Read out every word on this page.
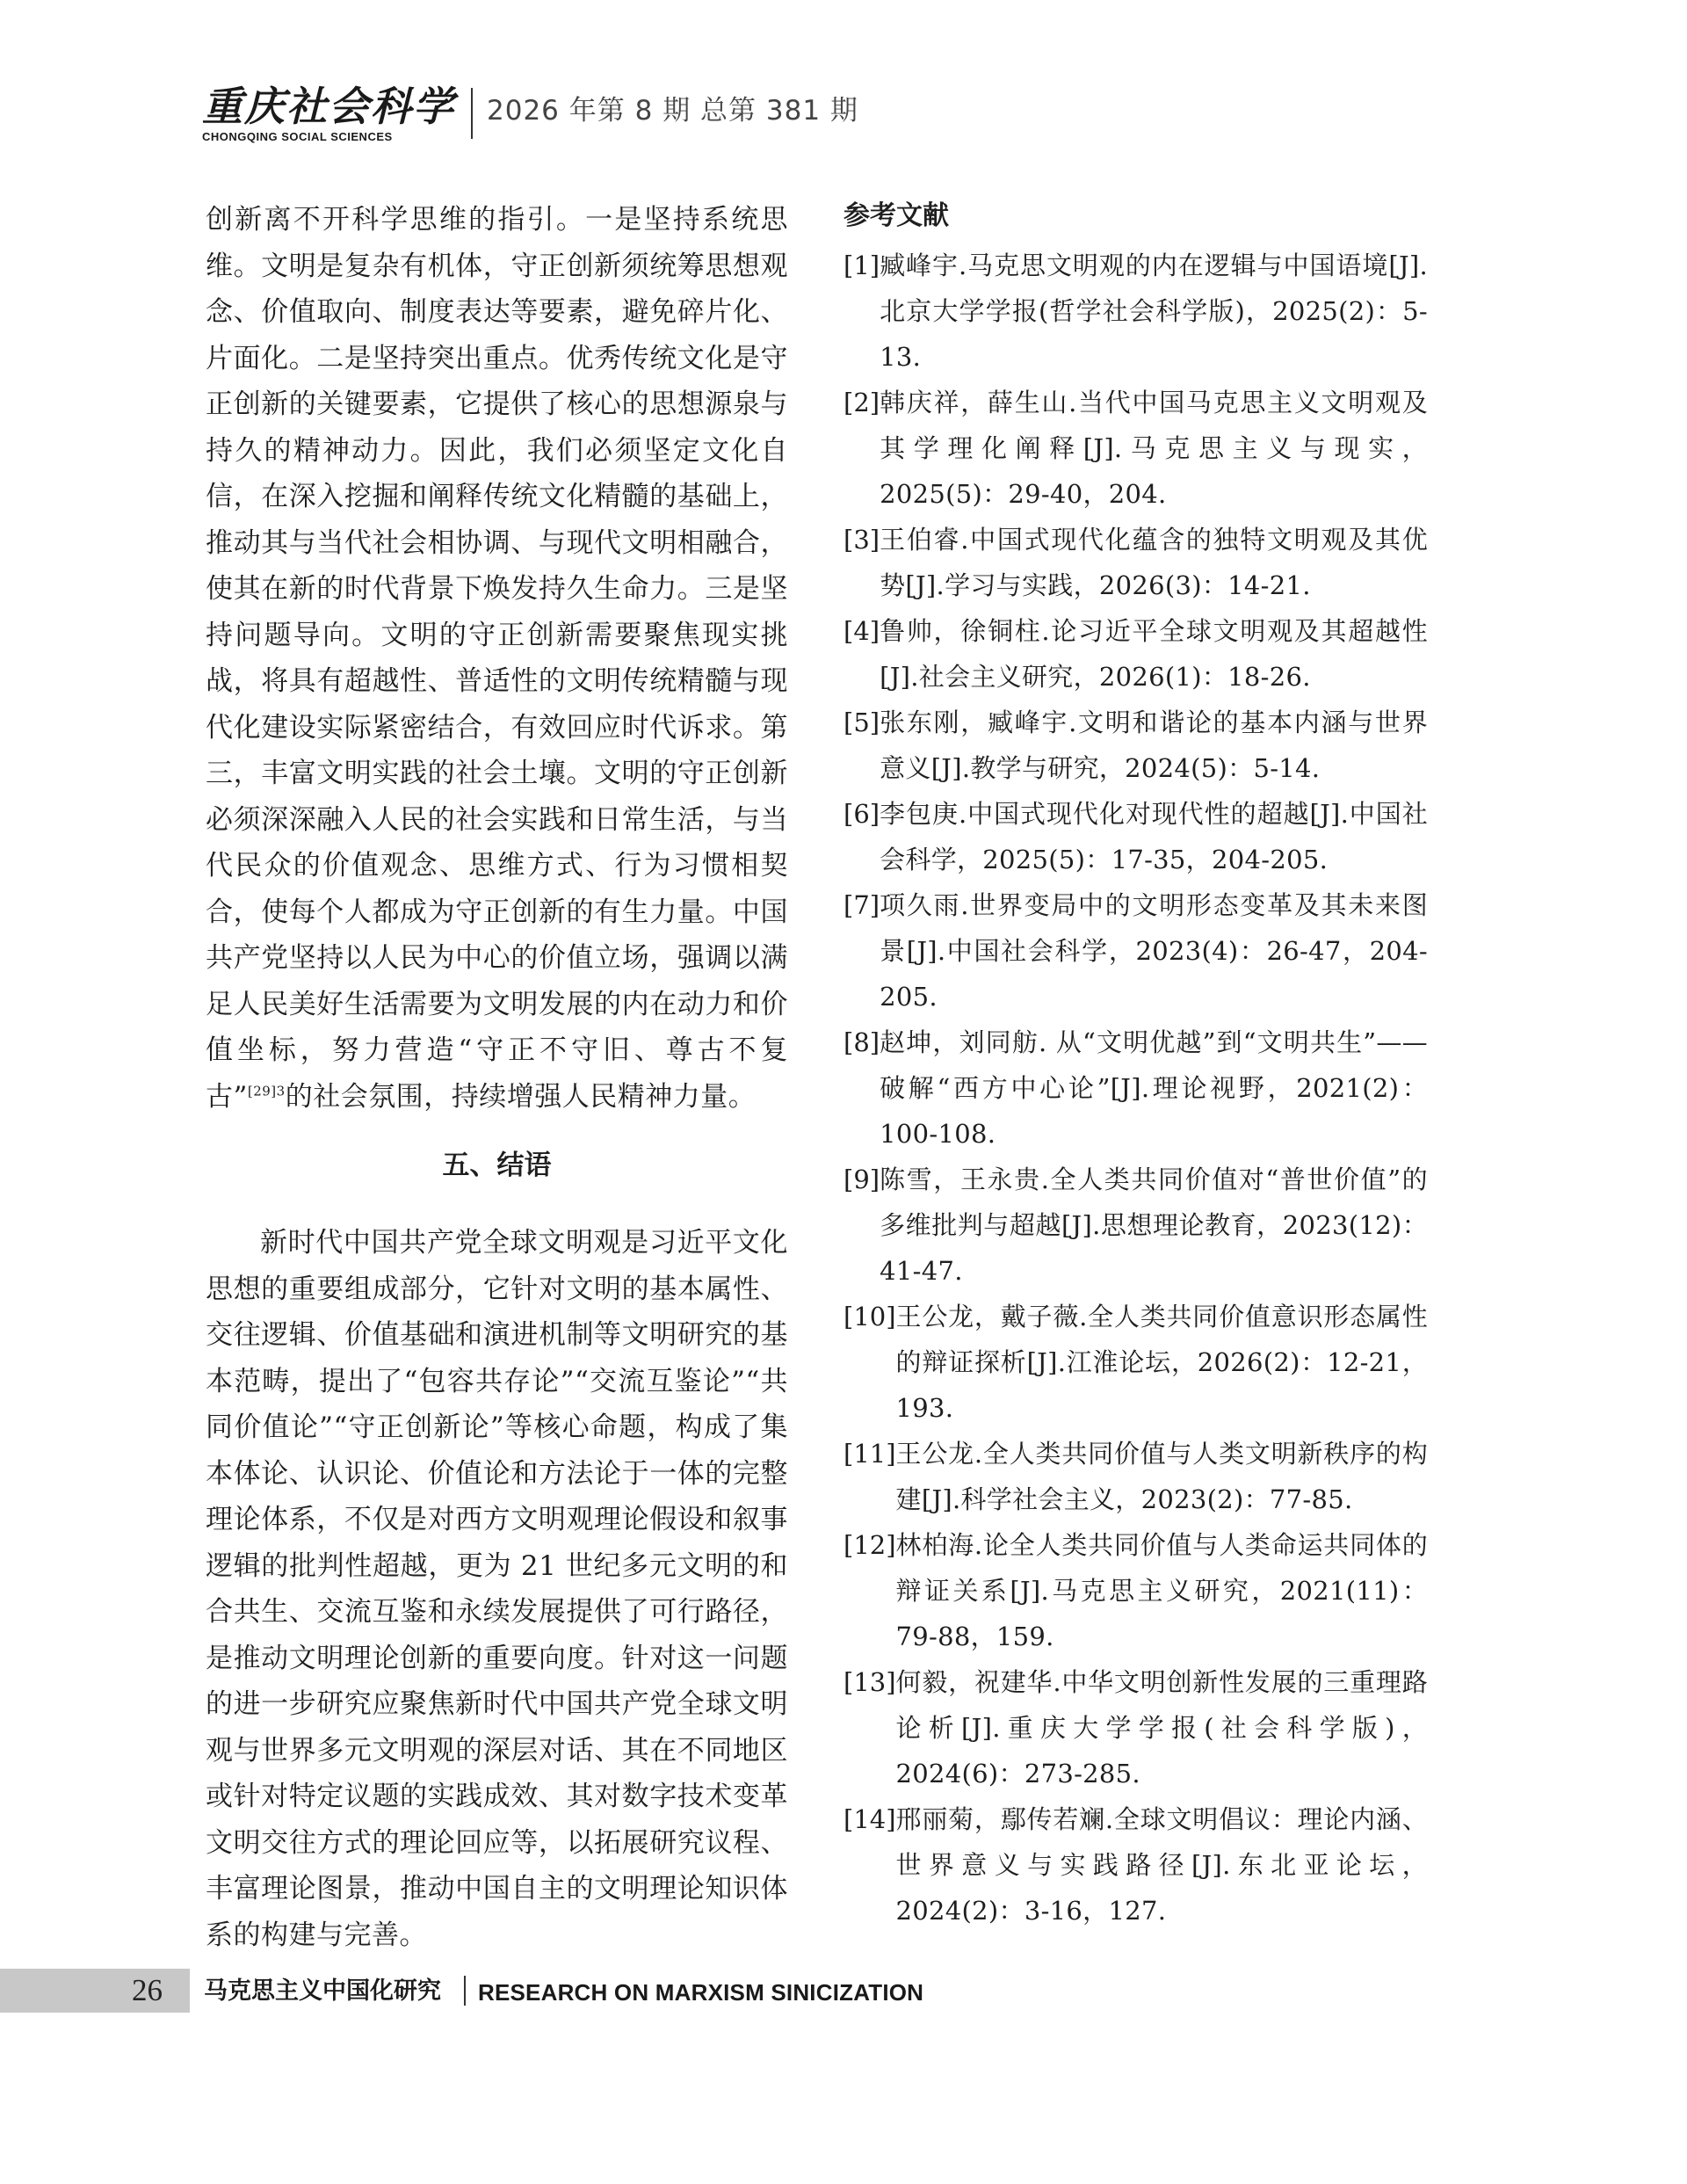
重庆社会科学
CHONGQING SOCIAL SCIENCES
2026 年第 8 期 总第 381 期

创新离不开科学思维的指引。一是坚持系统思维。文明是复杂有机体，守正创新须统筹思想观念、价值取向、制度表达等要素，避免碎片化、片面化。二是坚持突出重点。优秀传统文化是守正创新的关键要素，它提供了核心的思想源泉与持久的精神动力。因此，我们必须坚定文化自信，在深入挖掘和阐释传统文化精髓的基础上，推动其与当代社会相协调、与现代文明相融合，使其在新的时代背景下焕发持久生命力。三是坚持问题导向。文明的守正创新需要聚焦现实挑战，将具有超越性、普适性的文明传统精髓与现代化建设实际紧密结合，有效回应时代诉求。第三，丰富文明实践的社会土壤。文明的守正创新必须深深融入人民的社会实践和日常生活，与当代民众的价值观念、思维方式、行为习惯相契合，使每个人都成为守正创新的有生力量。中国共产党坚持以人民为中心的价值立场，强调以满足人民美好生活需要为文明发展的内在动力和价值坐标，努力营造“守正不守旧、尊古不复古”$^{[29]3}$的社会氛围，持续增强人民精神力量。

五、结语

新时代中国共产党全球文明观是习近平文化思想的重要组成部分，它针对文明的基本属性、交往逻辑、价值基础和演进机制等文明研究的基本范畴，提出了“包容共存论”“交流互鉴论”“共同价值论”“守正创新论”等核心命题，构成了集本体论、认识论、价值论和方法论于一体的完整理论体系，不仅是对西方文明观理论假设和叙事逻辑的批判性超越，更为 21 世纪多元文明的和合共生、交流互鉴和永续发展提供了可行路径，是推动文明理论创新的重要向度。针对这一问题的进一步研究应聚焦新时代中国共产党全球文明观与世界多元文明观的深层对话、其在不同地区或针对特定议题的实践成效、其对数字技术变革文明交往方式的理论回应等，以拓展研究议程、丰富理论图景，推动中国自主的文明理论知识体系的构建与完善。

参考文献
[1] 臧峰宇.马克思文明观的内在逻辑与中国语境[J].北京大学学报(哲学社会科学版)，2025(2)：5-13.
[2] 韩庆祥，薛生山.当代中国马克思主义文明观及其学理化阐释[J].马克思主义与现实，2025(5)：29-40，204.
[3] 王伯睿.中国式现代化蕴含的独特文明观及其优势[J].学习与实践，2026(3)：14-21.
[4] 鲁帅，徐铜柱.论习近平全球文明观及其超越性[J].社会主义研究，2026(1)：18-26.
[5] 张东刚，臧峰宇.文明和谐论的基本内涵与世界意义[J].教学与研究，2024(5)：5-14.
[6] 李包庚.中国式现代化对现代性的超越[J].中国社会科学，2025(5)：17-35，204-205.
[7] 项久雨.世界变局中的文明形态变革及其未来图景[J].中国社会科学，2023(4)：26-47，204-205.
[8] 赵坤，刘同舫. 从“文明优越”到“文明共生”——破解“西方中心论”[J].理论视野，2021(2)：100-108.
[9] 陈雪，王永贵.全人类共同价值对“普世价值”的多维批判与超越[J].思想理论教育，2023(12)：41-47.
[10] 王公龙，戴子薇.全人类共同价值意识形态属性的辩证探析[J].江淮论坛，2026(2)：12-21，193.
[11] 王公龙.全人类共同价值与人类文明新秩序的构建[J].科学社会主义，2023(2)：77-85.
[12] 林柏海.论全人类共同价值与人类命运共同体的辩证关系[J].马克思主义研究，2021(11)：79-88，159.
[13] 何毅，祝建华.中华文明创新性发展的三重理路论析[J].重庆大学学报(社会科学版)，2024(6)：273-285.
[14] 邢丽菊，鄢传若斓.全球文明倡议：理论内涵、世界意义与实践路径[J].东北亚论坛，2024(2)：3-16，127.
26 马克思主义中国化研究 RESEARCH ON MARXISM SINICIZATION
